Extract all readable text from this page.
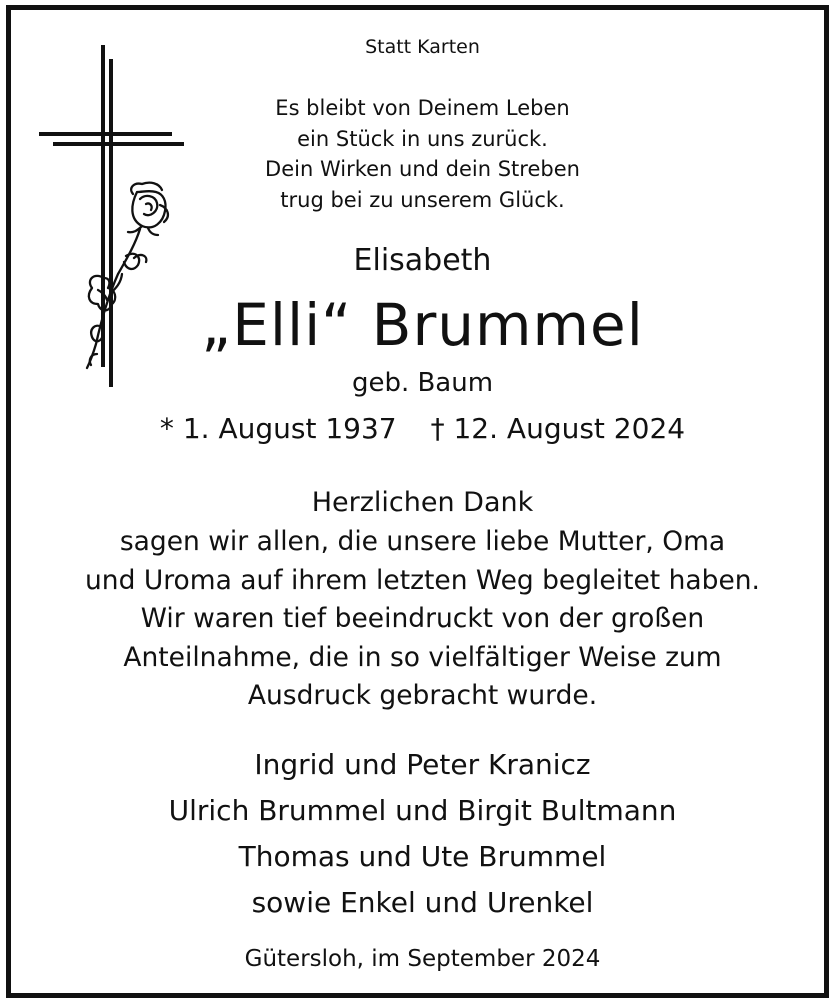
Statt Karten
Es bleibt von Deinem Leben
ein Stück in uns zurück.
Dein Wirken und dein Streben
trug bei zu unserem Glück.
Elisabeth
„Elli“ Brummel
geb. Baum
* 1. August 1937 † 12. August 2024
Herzlichen Dank
sagen wir allen, die unsere liebe Mutter, Oma
und Uroma auf ihrem letzten Weg begleitet haben.
Wir waren tief beeindruckt von der großen
Anteilnahme, die in so vielfältiger Weise zum
Ausdruck gebracht wurde.
Ingrid und Peter Kranicz
Ulrich Brummel und Birgit Bultmann
Thomas und Ute Brummel
sowie Enkel und Urenkel
Gütersloh, im September 2024
